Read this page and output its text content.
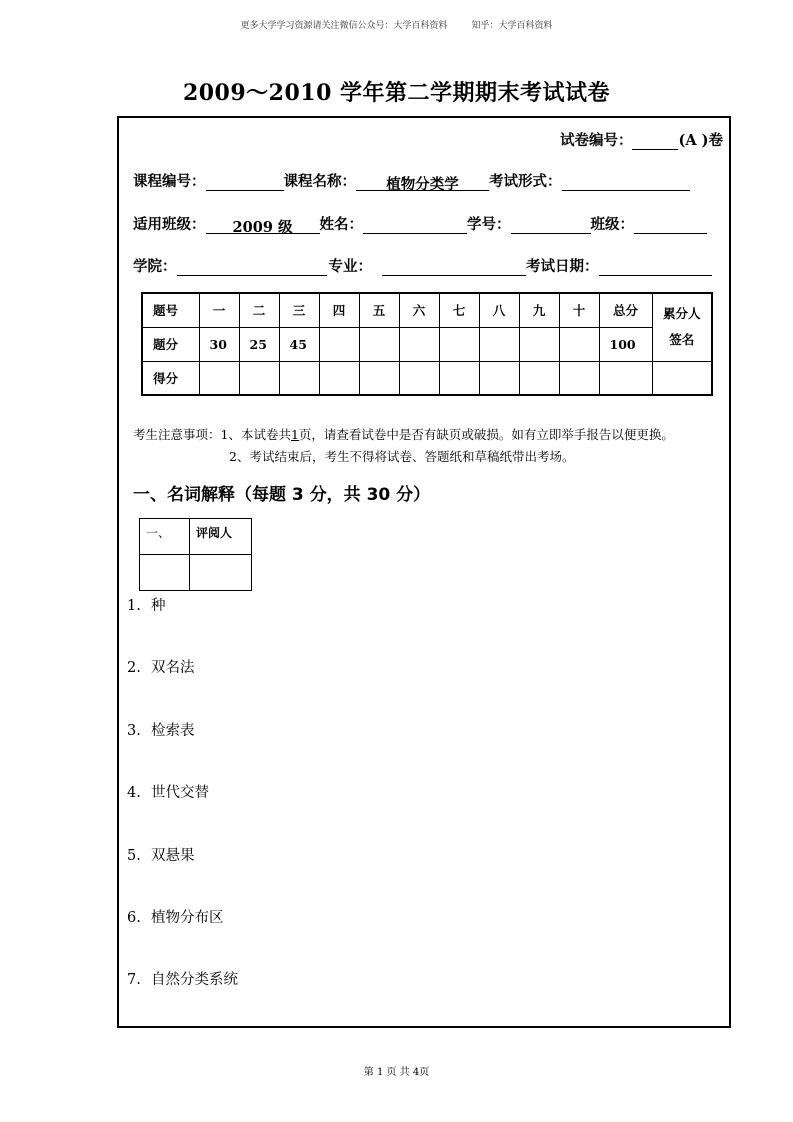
更多大学学习资源请关注微信公众号：大学百科资料	知乎：大学百科资料
2009～2010 学年第二学期期末考试试卷
试卷编号：	(A )卷
课程编号：	课程名称： 植物分类学 考试形式：
适用班级： 2009 级 姓名：	学号：	班级：
学院：	专业：	考试日期：
题号	一	二	三	四	五	六	七	八	九	十	总分	累分人
签名

题分	30	25	45								100	
得分												
考生注意事项：1、本试卷共1页，请查看试卷中是否有缺页或破损。如有立即举手报告以便更换。
2、考试结束后，考生不得将试卷、答题纸和草稿纸带出考场。
一、名词解释（每题 3 分，共 30 分）
一、	评阅人

1. 种
2. 双名法
3. 检索表
4. 世代交替
5. 双悬果
6. 植物分布区
7. 自然分类系统
第 1 页 共 4页
